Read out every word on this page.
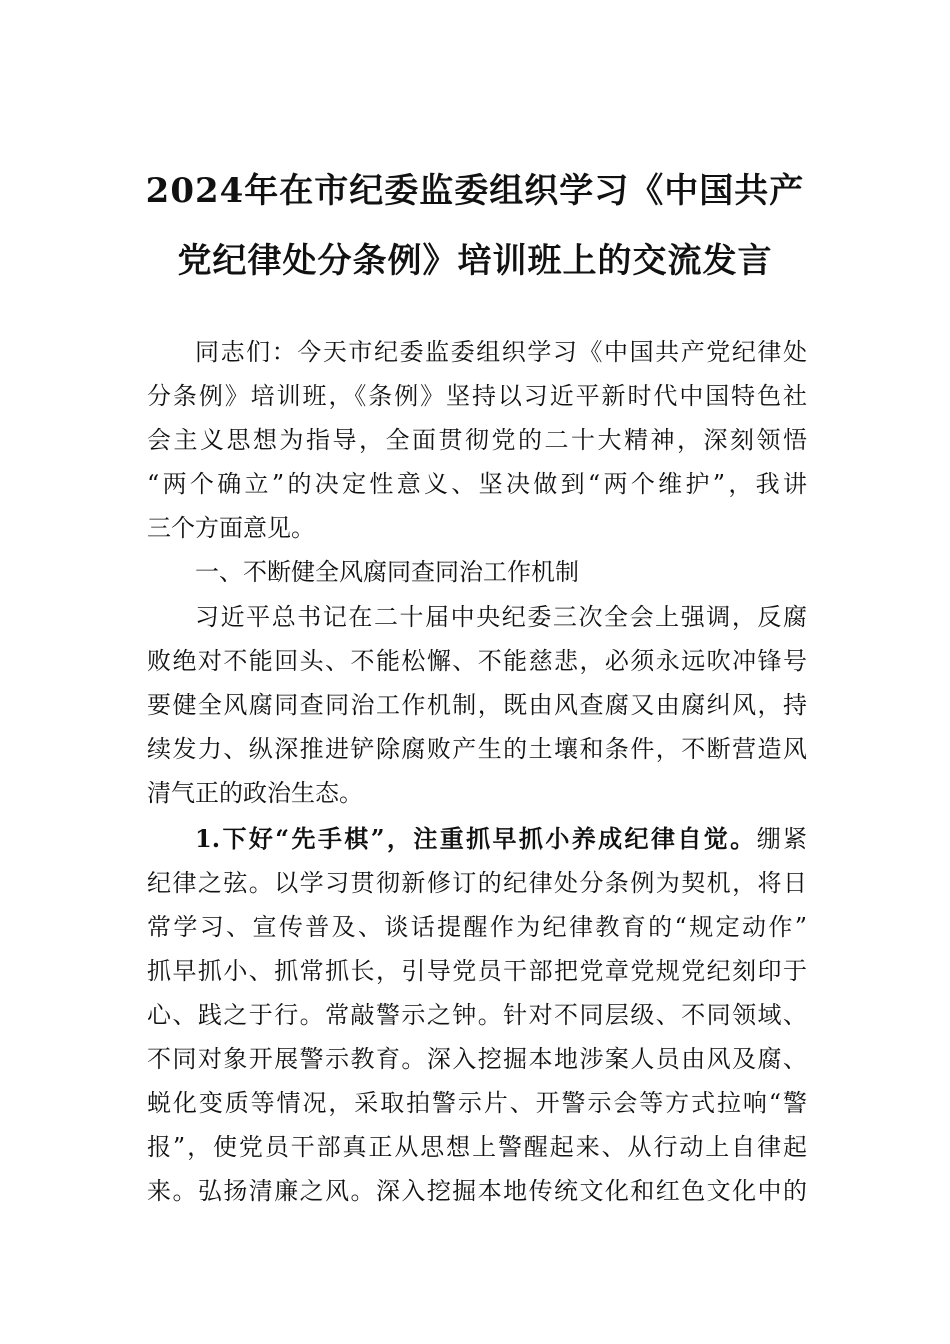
2024年在市纪委监委组织学习《中国共产
党纪律处分条例》培训班上的交流发言
同志们：今天市纪委监委组织学习《中国共产党纪律处
分条例》培训班，《条例》坚持以习近平新时代中国特色社
会主义思想为指导，全面贯彻党的二十大精神，深刻领悟
“两个确立”的决定性意义、坚决做到“两个维护”，我讲
三个方面意见。
一、不断健全风腐同查同治工作机制
习近平总书记在二十届中央纪委三次全会上强调，反腐
败绝对不能回头、不能松懈、不能慈悲，必须永远吹冲锋号
要健全风腐同查同治工作机制，既由风查腐又由腐纠风，持
续发力、纵深推进铲除腐败产生的土壤和条件，不断营造风
清气正的政治生态。
1.下好“先手棋”，注重抓早抓小养成纪律自觉。绷紧
纪律之弦。以学习贯彻新修订的纪律处分条例为契机，将日
常学习、宣传普及、谈话提醒作为纪律教育的“规定动作”
抓早抓小、抓常抓长，引导党员干部把党章党规党纪刻印于
心、践之于行。常敲警示之钟。针对不同层级、不同领域、
不同对象开展警示教育。深入挖掘本地涉案人员由风及腐、
蜕化变质等情况，采取拍警示片、开警示会等方式拉响“警
报”，使党员干部真正从思想上警醒起来、从行动上自律起
来。弘扬清廉之风。深入挖掘本地传统文化和红色文化中的
